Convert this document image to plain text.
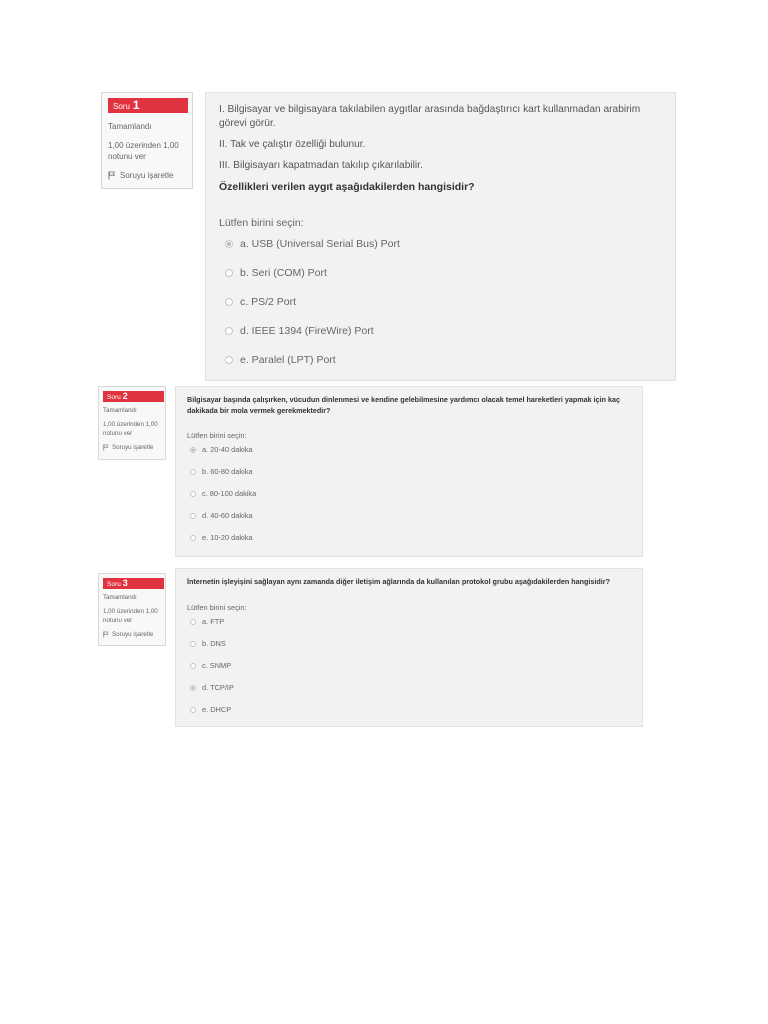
Soru 1
Tamamlandı
1,00 üzerinden 1,00 notunu ver
Soruyu işaretle

I. Bilgisayar ve bilgisayara takılabilen aygıtlar arasında bağdaştırıcı kart kullanmadan arabirim görevi görür.

II. Tak ve çalıştır özelliği bulunur.

III. Bilgisayarı kapatmadan takılıp çıkarılabilir.

Özellikleri verilen aygıt aşağıdakilerden hangisidir?

Lütfen birini seçin:
a. USB (Universal Serial Bus) Port
b. Seri (COM) Port
c. PS/2 Port
d. IEEE 1394 (FireWire) Port
e. Paralel (LPT) Port
Soru 2
Tamamlandı
1,00 üzerinden 1,00 notunu ver
Soruyu işaretle

Bilgisayar başında çalışırken, vücudun dinlenmesi ve kendine gelebilmesine yardımcı olacak temel hareketleri yapmak için kaç dakikada bir mola vermek gerekmektedir?

Lütfen birini seçin:
a. 20-40 dakika
b. 60-80 dakika
c. 80-100 dakika
d. 40-60 dakika
e. 10-20 dakika
Soru 3
Tamamlandı
1,00 üzerinden 1,00 notunu ver
Soruyu işaretle

İnternetin işleyişini sağlayan aynı zamanda diğer iletişim ağlarında da kullanılan protokol grubu aşağıdakilerden hangisidir?

Lütfen birini seçin:
a. FTP
b. DNS
c. SNMP
d. TCP/IP
e. DHCP
